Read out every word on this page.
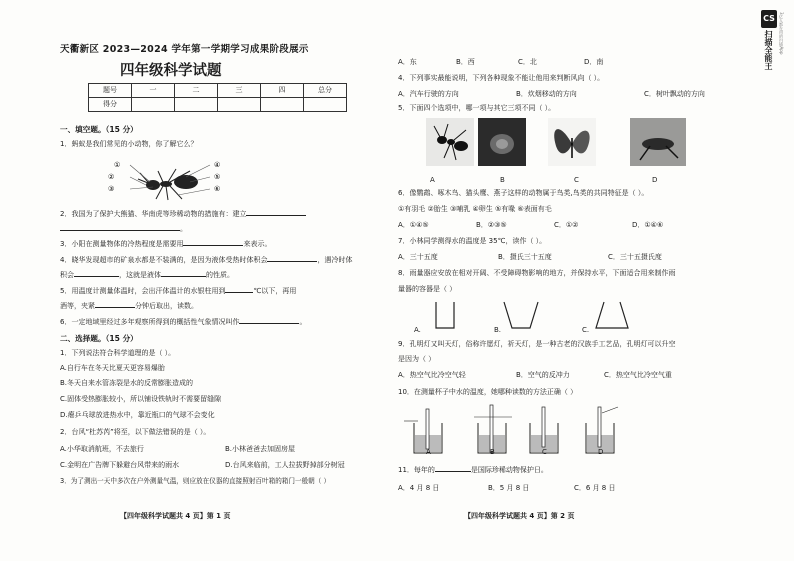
天衢新区 2023—2024 学年第一学期学习成果阶段展示
四年级科学试题
题号	一	二	三	四	总分
得分					
一、填空题。（15 分）
1．蚂蚁是我们常见的小动物，你了解它么？
①
②
③
④
⑤
⑥
2．我国为了保护大熊猫、华南虎等珍稀动物的措施有：建立
。
3．小阳在测量物体的冷热程度是需要用	来表示。
4．晓华发现超市的矿泉水都是不装满的，是因为液体受热时体积会	，遇冷时体
积会	，这就是液体	的性质。
5．用温度计测量体温时，会出汗体温计的水银柱用到	℃以下，再用
酒等，夹紧	分钟后取出，读数。
6．一定地域里经过多年观察所得到的概括性气象情况叫作	。
二、选择题。（15 分）
1．下列说法符合科学道理的是（ ）。
A.自行车在冬天比夏天更容易爆胎
B.冬天自来水管冻裂是水的反常膨胀造成的
C.固体受热膨胀较小，所以铺设铁轨时不需要留缝隙
D.瘪乒乓球放进热水中，靠近瓶口的气球不会变化
2．台风“杜苏芮”将至，以下做法错误的是（ ）。
A.小华取消航班，不去旅行	B.小林爸爸去加固房屋
C.金明在广告牌下躲避台风带来的雨水	D.台风来临前，工人拉拔野掉部分树冠
3．为了测出一天中多次在户外测量气温，则应放在仪器的直接照射百叶箱的箱门一般朝（ ）
【四年级科学试题共 4 页】第 1 页
A．东	B．西	C．北	D．南
4．下列事实最能说明，下列各种现象不能让他用来判断风向（ ）。
A．汽车行驶的方向	B．炊烟移动的方向	C．树叶飘动的方向
5．下面四个选项中，哪一项与其它三项不同（ ）。
A	B	C	D
6．像鹦鹉、啄木鸟、猫头鹰、燕子这样的动物属于鸟类,鸟类的共同特征是（ ）。
①有羽毛 ②胎生 ③哺乳 ④卵生 ⑤有喙 ⑥表面有毛
A．①④⑤	B．②③⑤	C．①②	D．①④⑥
7．小林同学测得水的温度是 35℃，读作（ ）。
A．三十五度	B．摄氏三十五度	C．三十五摄氏度
8．雨量器应安放在相对开阔、不受障碍物影响的地方，并保持水平，下面适合用来制作雨
量器的容器是（ ）
A.	B.	C.
9．孔明灯又叫天灯，俗称许愿灯，祈天灯，是一种古老的汉族手工艺品，孔明灯可以升空
是因为（ ）
A．热空气比冷空气轻	B．空气的反冲力	C．热空气比冷空气重
10．在测量杯子中水的温度，她哪种读数的方法正确（ ）
A	B	C	D
11．每年的	是国际珍稀动物保护日。
A．4 月 8 日	B．5 月 8 日	C．6 月 8 日
【四年级科学试题共 4 页】第 2 页
CS
扫描全能王 3亿人都在用的扫描App
